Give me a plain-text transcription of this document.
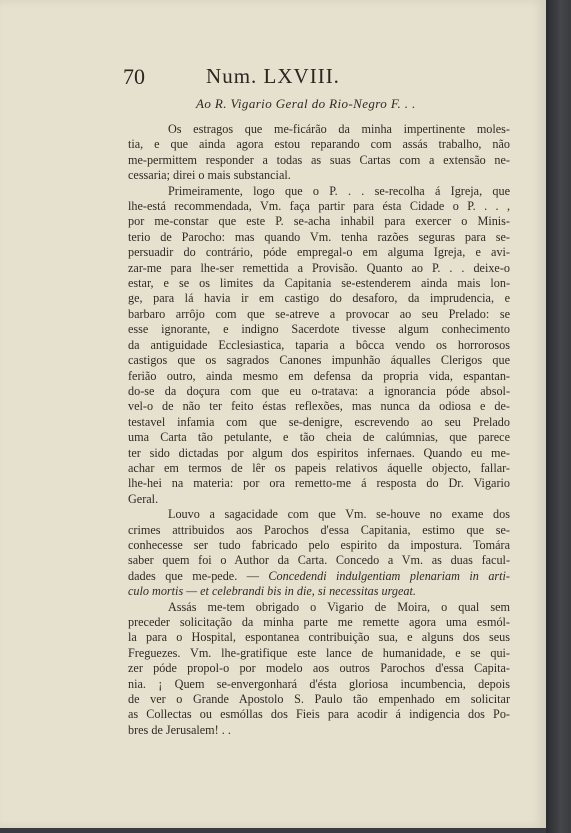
70	Num. LXVIII.
Ao R. Vigario Geral do Rio-Negro F. . .
Os estragos que me-ficárão da minha impertinente moles-
tia, e que ainda agora estou reparando com assás trabalho, não
me-permittem responder a todas as suas Cartas com a extensão ne-
cessaria; direi o mais substancial.
Primeiramente, logo que o P. . . se-recolha á Igreja, que
lhe-está recommendada, Vm. faça partir para ésta Cidade o P. . . ,
por me-constar que este P. se-acha inhabil para exercer o Minis-
terio de Parocho: mas quando Vm. tenha razões seguras para se-
persuadir do contrário, póde empregal-o em alguma Igreja, e avi-
zar-me para lhe-ser remettida a Provisão. Quanto ao P. . . deixe-o
estar, e se os limites da Capitania se-estenderem ainda mais lon-
ge, para lá havia ir em castigo do desaforo, da imprudencia, e
barbaro arrôjo com que se-atreve a provocar ao seu Prelado: se
esse ignorante, e indigno Sacerdote tivesse algum conhecimento
da antiguidade Ecclesiastica, taparia a bôcca vendo os horrorosos
castigos que os sagrados Canones impunhão áqualles Clerigos que
ferião outro, ainda mesmo em defensa da propria vida, espantan-
do-se da doçura com que eu o-tratava: a ignorancia póde absol-
vel-o de não ter feito éstas reflexões, mas nunca da odiosa e de-
testavel infamia com que se-denigre, escrevendo ao seu Prelado
uma Carta tão petulante, e tão cheia de calúmnias, que parece
ter sido dictadas por algum dos espiritos infernaes. Quando eu me-
achar em termos de lêr os papeis relativos áquelle objecto, fallar-
lhe-hei na materia: por ora remetto-me á resposta do Dr. Vigario
Geral.
Louvo a sagacidade com que Vm. se-houve no exame dos
crimes attribuidos aos Parochos d'essa Capitania, estimo que se-
conhecesse ser tudo fabricado pelo espirito da impostura. Tomára
saber quem foi o Author da Carta. Concedo a Vm. as duas facul-
dades que me-pede. — Concedendi indulgentiam plenariam in arti-
culo mortis — et celebrandi bis in die, si necessitas urgeat.
Assás me-tem obrigado o Vigario de Moira, o qual sem
preceder solicitação da minha parte me remette agora uma esmól-
la para o Hospital, espontanea contribuição sua, e alguns dos seus
Freguezes. Vm. lhe-gratifique este lance de humanidade, e se qui-
zer póde propol-o por modelo aos outros Parochos d'essa Capita-
nia. ¡ Quem se-envergonhará d'ésta gloriosa incumbencia, depois
de ver o Grande Apostolo S. Paulo tão empenhado em solicitar
as Collectas ou esmóllas dos Fieis para acodir á indigencia dos Po-
bres de Jerusalem! . .
